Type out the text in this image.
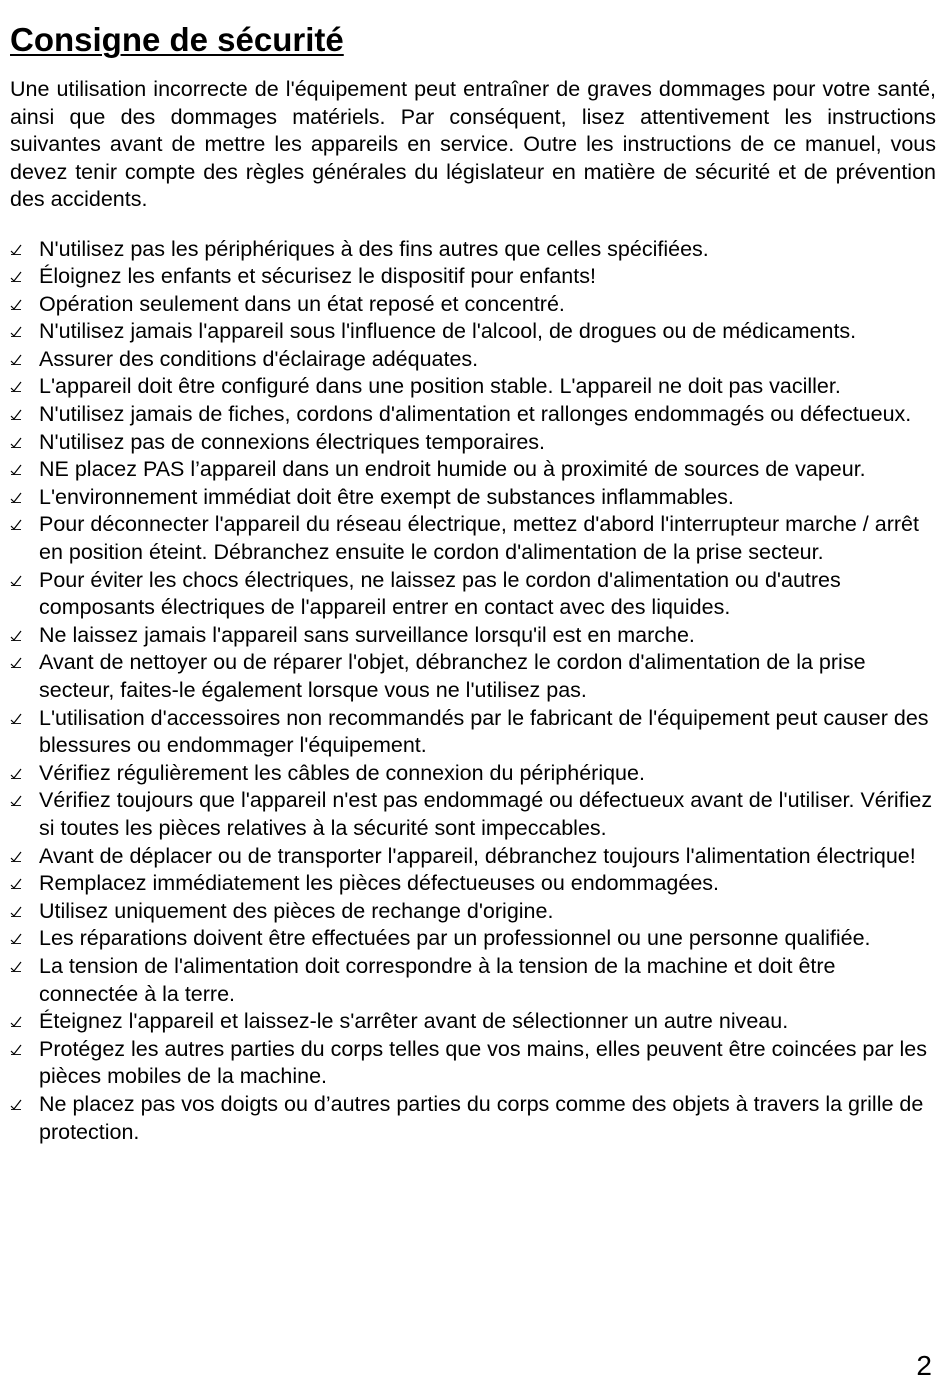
Consigne de sécurité

Une utilisation incorrecte de l'équipement peut entraîner de graves dommages pour votre santé, ainsi que des dommages matériels. Par conséquent, lisez attentivement les instructions suivantes avant de mettre les appareils en service. Outre les instructions de ce manuel, vous devez tenir compte des règles générales du législateur en matière de sécurité et de prévention des accidents.

N'utilisez pas les périphériques à des fins autres que celles spécifiées.
Éloignez les enfants et sécurisez le dispositif pour enfants!
Opération seulement dans un état reposé et concentré.
N'utilisez jamais l'appareil sous l'influence de l'alcool, de drogues ou de médicaments.
Assurer des conditions d'éclairage adéquates.
L'appareil doit être configuré dans une position stable. L'appareil ne doit pas vaciller.
N'utilisez jamais de fiches, cordons d'alimentation et rallonges endommagés ou défectueux.
N'utilisez pas de connexions électriques temporaires.
NE placez PAS l’appareil dans un endroit humide ou à proximité de sources de vapeur.
L'environnement immédiat doit être exempt de substances inflammables.
Pour déconnecter l'appareil du réseau électrique, mettez d'abord l'interrupteur marche / arrêt en position éteint. Débranchez ensuite le cordon d'alimentation de la prise secteur.
Pour éviter les chocs électriques, ne laissez pas le cordon d'alimentation ou d'autres composants électriques de l'appareil entrer en contact avec des liquides.
Ne laissez jamais l'appareil sans surveillance lorsqu'il est en marche.
Avant de nettoyer ou de réparer l'objet, débranchez le cordon d'alimentation de la prise secteur, faites-le également lorsque vous ne l'utilisez pas.
L'utilisation d'accessoires non recommandés par le fabricant de l'équipement peut causer des blessures ou endommager l'équipement.
Vérifiez régulièrement les câbles de connexion du périphérique.
Vérifiez toujours que l'appareil n'est pas endommagé ou défectueux avant de l'utiliser. Vérifiez si toutes les pièces relatives à la sécurité sont impeccables.
Avant de déplacer ou de transporter l'appareil, débranchez toujours l'alimentation électrique!
Remplacez immédiatement les pièces défectueuses ou endommagées.
Utilisez uniquement des pièces de rechange d'origine.
Les réparations doivent être effectuées par un professionnel ou une personne qualifiée.
La tension de l'alimentation doit correspondre à la tension de la machine et doit être connectée à la terre.
Éteignez l'appareil et laissez-le s'arrêter avant de sélectionner un autre niveau.
Protégez les autres parties du corps telles que vos mains, elles peuvent être coincées par les pièces mobiles de la machine.
Ne placez pas vos doigts ou d’autres parties du corps comme des objets à travers la grille de protection.
2
